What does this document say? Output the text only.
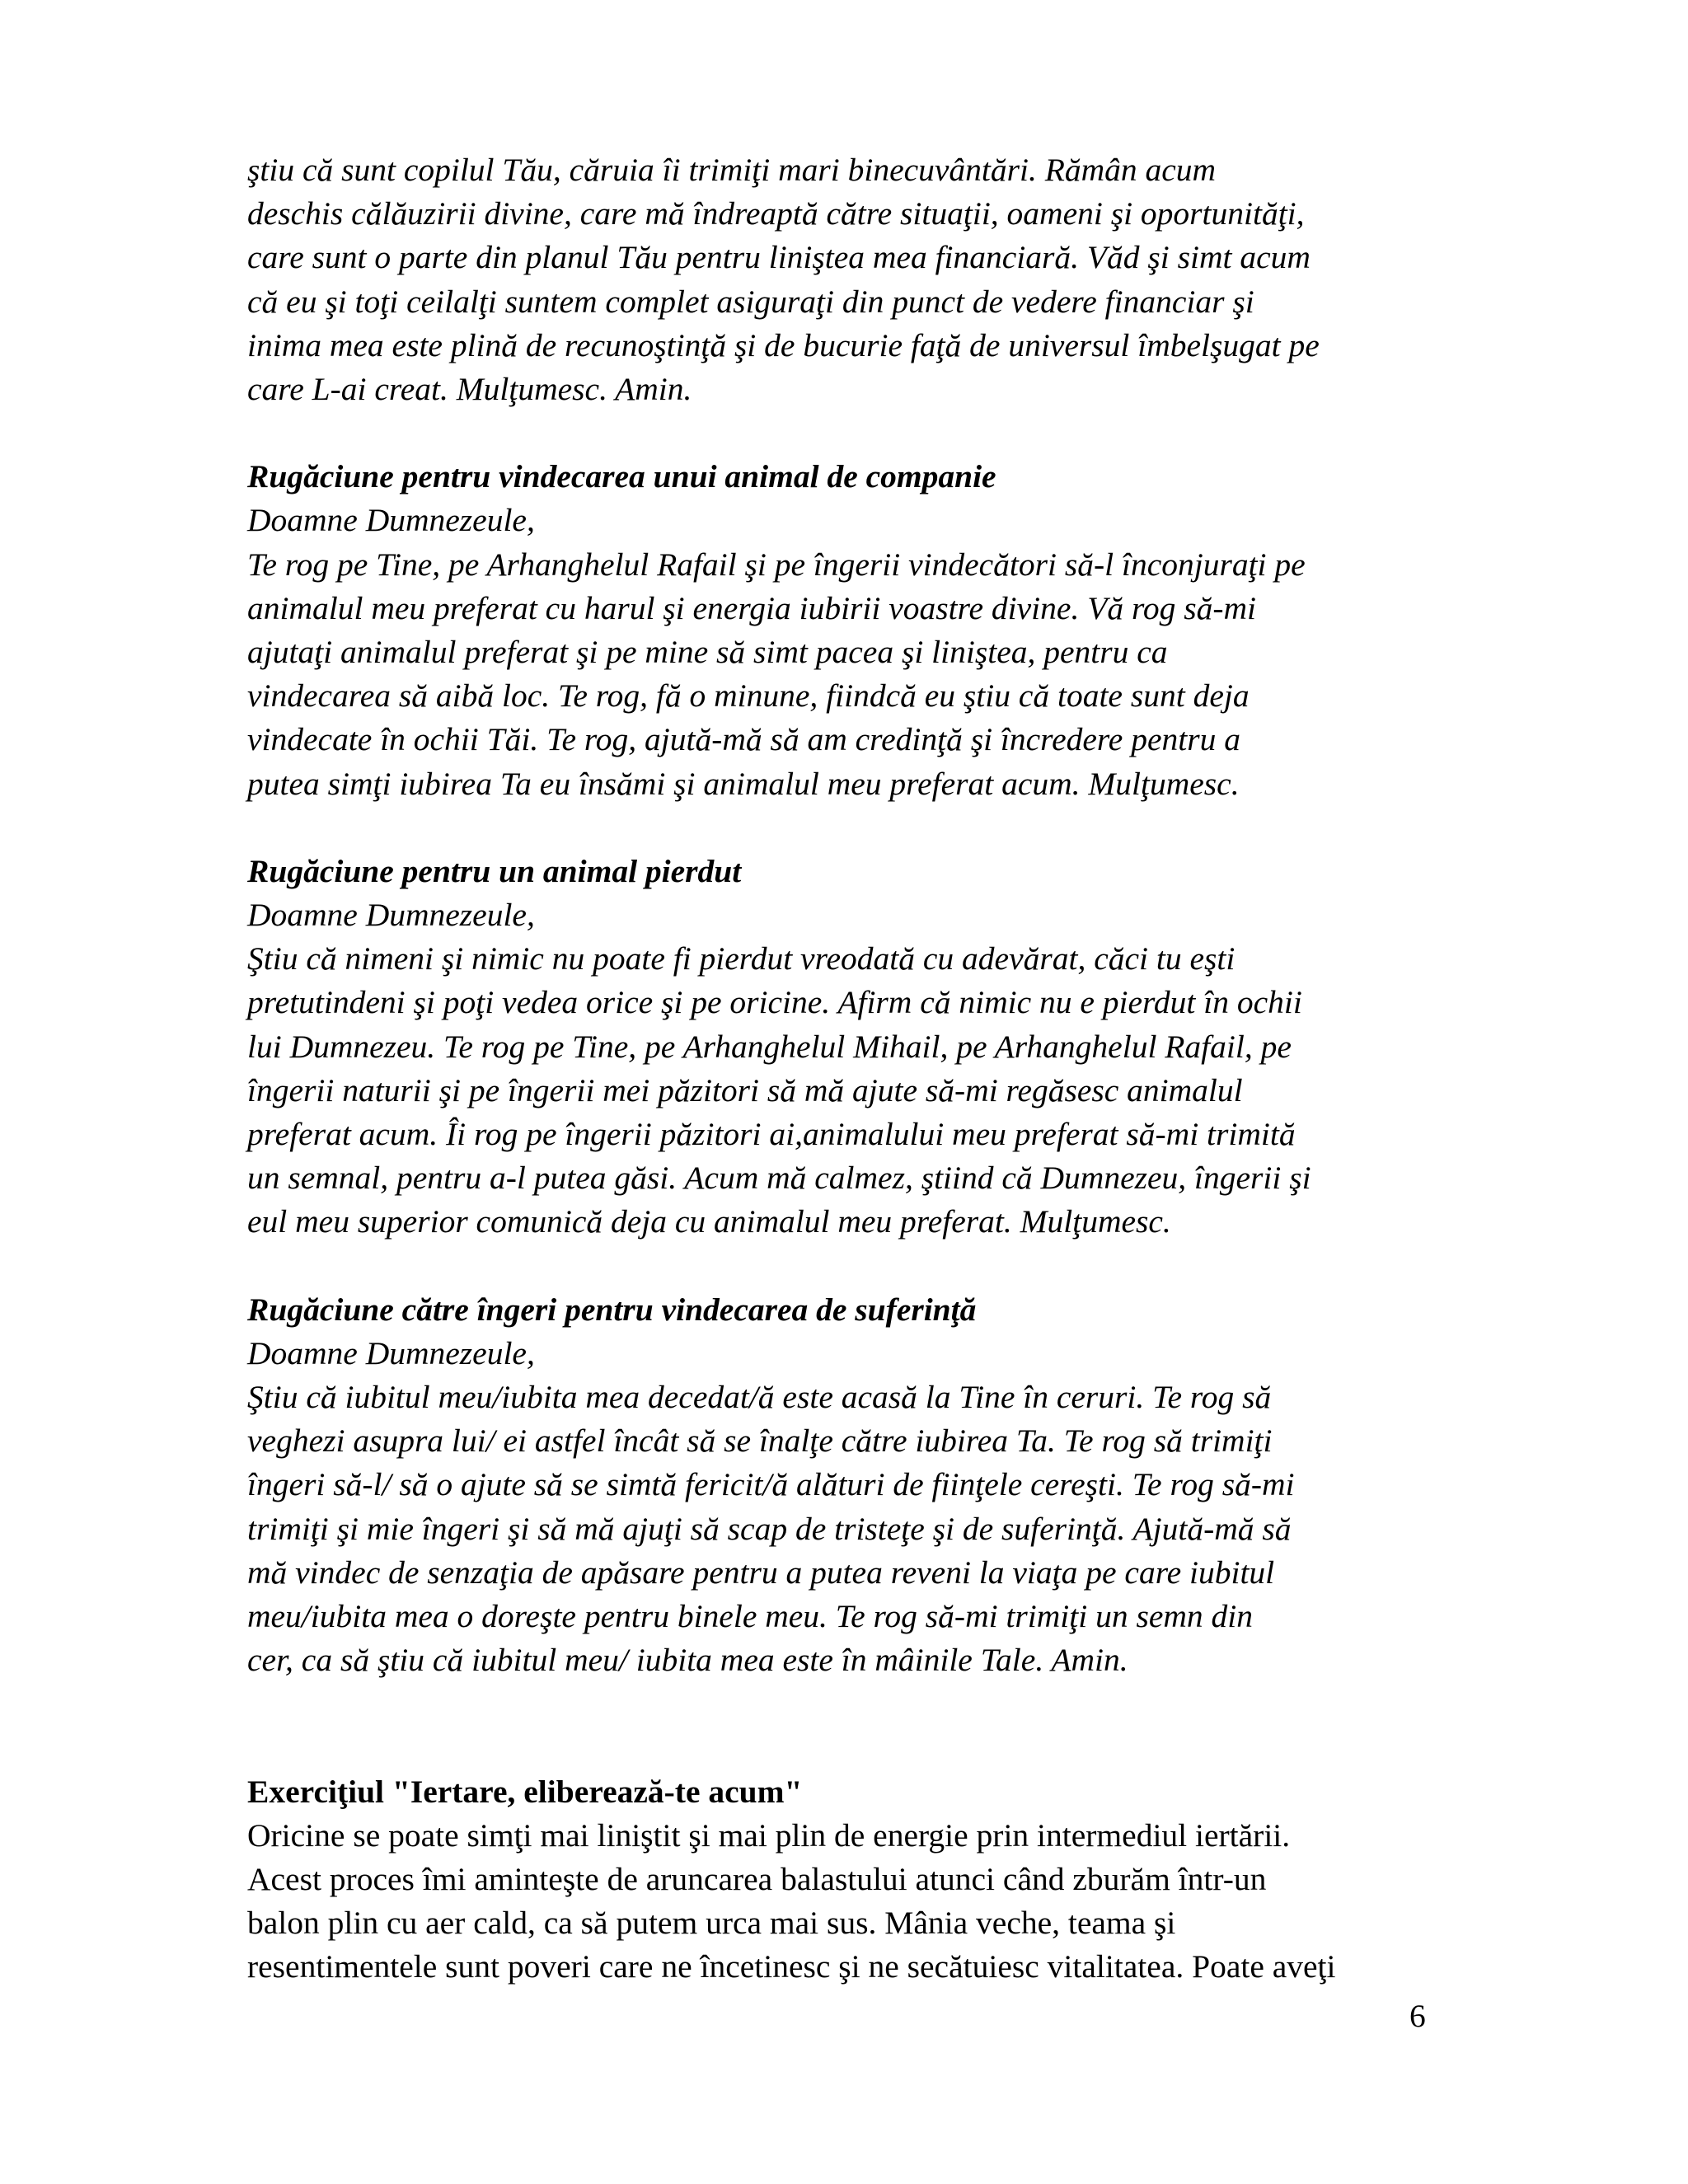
ştiu că sunt copilul Tău, căruia îi trimiţi mari binecuvântări. Rămân acum
deschis călăuzirii divine, care mă îndreaptă către situaţii, oameni şi oportunităţi,
care sunt o parte din planul Tău pentru liniştea mea financiară. Văd şi simt acum
că eu şi toţi ceilalţi suntem complet asiguraţi din punct de vedere financiar şi
inima mea este plină de recunoştinţă şi de bucurie faţă de universul îmbelşugat pe
care L-ai creat. Mulţumesc. Amin.
Rugăciune pentru vindecarea unui animal de companie
Doamne Dumnezeule,
Te rog pe Tine, pe Arhanghelul Rafail şi pe îngerii vindecători să-l înconjuraţi pe
animalul meu preferat cu harul şi energia iubirii voastre divine. Vă rog să-mi
ajutaţi animalul preferat şi pe mine să simt pacea şi liniştea, pentru ca
vindecarea să aibă loc. Te rog, fă o minune, fiindcă eu ştiu că toate sunt deja
vindecate în ochii Tăi. Te rog, ajută-mă să am credinţă şi încredere pentru a
putea simţi iubirea Ta eu însămi şi animalul meu preferat acum. Mulţumesc.
Rugăciune pentru un animal pierdut
Doamne Dumnezeule,
Ştiu că nimeni şi nimic nu poate fi pierdut vreodată cu adevărat, căci tu eşti
pretutindeni şi poţi vedea orice şi pe oricine. Afirm că nimic nu e pierdut în ochii
lui Dumnezeu. Te rog pe Tine, pe Arhanghelul Mihail, pe Arhanghelul Rafail, pe
îngerii naturii şi pe îngerii mei păzitori să mă ajute să-mi regăsesc animalul
preferat acum. Îi rog pe îngerii păzitori ai,animalului meu preferat să-mi trimită
un semnal, pentru a-l putea găsi. Acum mă calmez, ştiind că Dumnezeu, îngerii şi
eul meu superior comunică deja cu animalul meu preferat. Mulţumesc.
Rugăciune către îngeri pentru vindecarea de suferinţă
Doamne Dumnezeule,
Ştiu că iubitul meu/iubita mea decedat/ă este acasă la Tine în ceruri. Te rog să
veghezi asupra lui/ ei astfel încât să se înalţe către iubirea Ta. Te rog să trimiţi
îngeri să-l/ să o ajute să se simtă fericit/ă alături de fiinţele cereşti. Te rog să-mi
trimiţi şi mie îngeri şi să mă ajuţi să scap de tristeţe şi de suferinţă. Ajută-mă să
mă vindec de senzaţia de apăsare pentru a putea reveni la viaţa pe care iubitul
meu/iubita mea o doreşte pentru binele meu. Te rog să-mi trimiţi un semn din
cer, ca să ştiu că iubitul meu/ iubita mea este în mâinile Tale. Amin.
Exerciţiul "Iertare, eliberează-te acum"
Oricine se poate simţi mai liniştit şi mai plin de energie prin intermediul iertării.
Acest proces îmi aminteşte de aruncarea balastului atunci când zburăm într-un
balon plin cu aer cald, ca să putem urca mai sus. Mânia veche, teama şi
resentimentele sunt poveri care ne încetinesc şi ne secătuiesc vitalitatea. Poate aveţi
6
